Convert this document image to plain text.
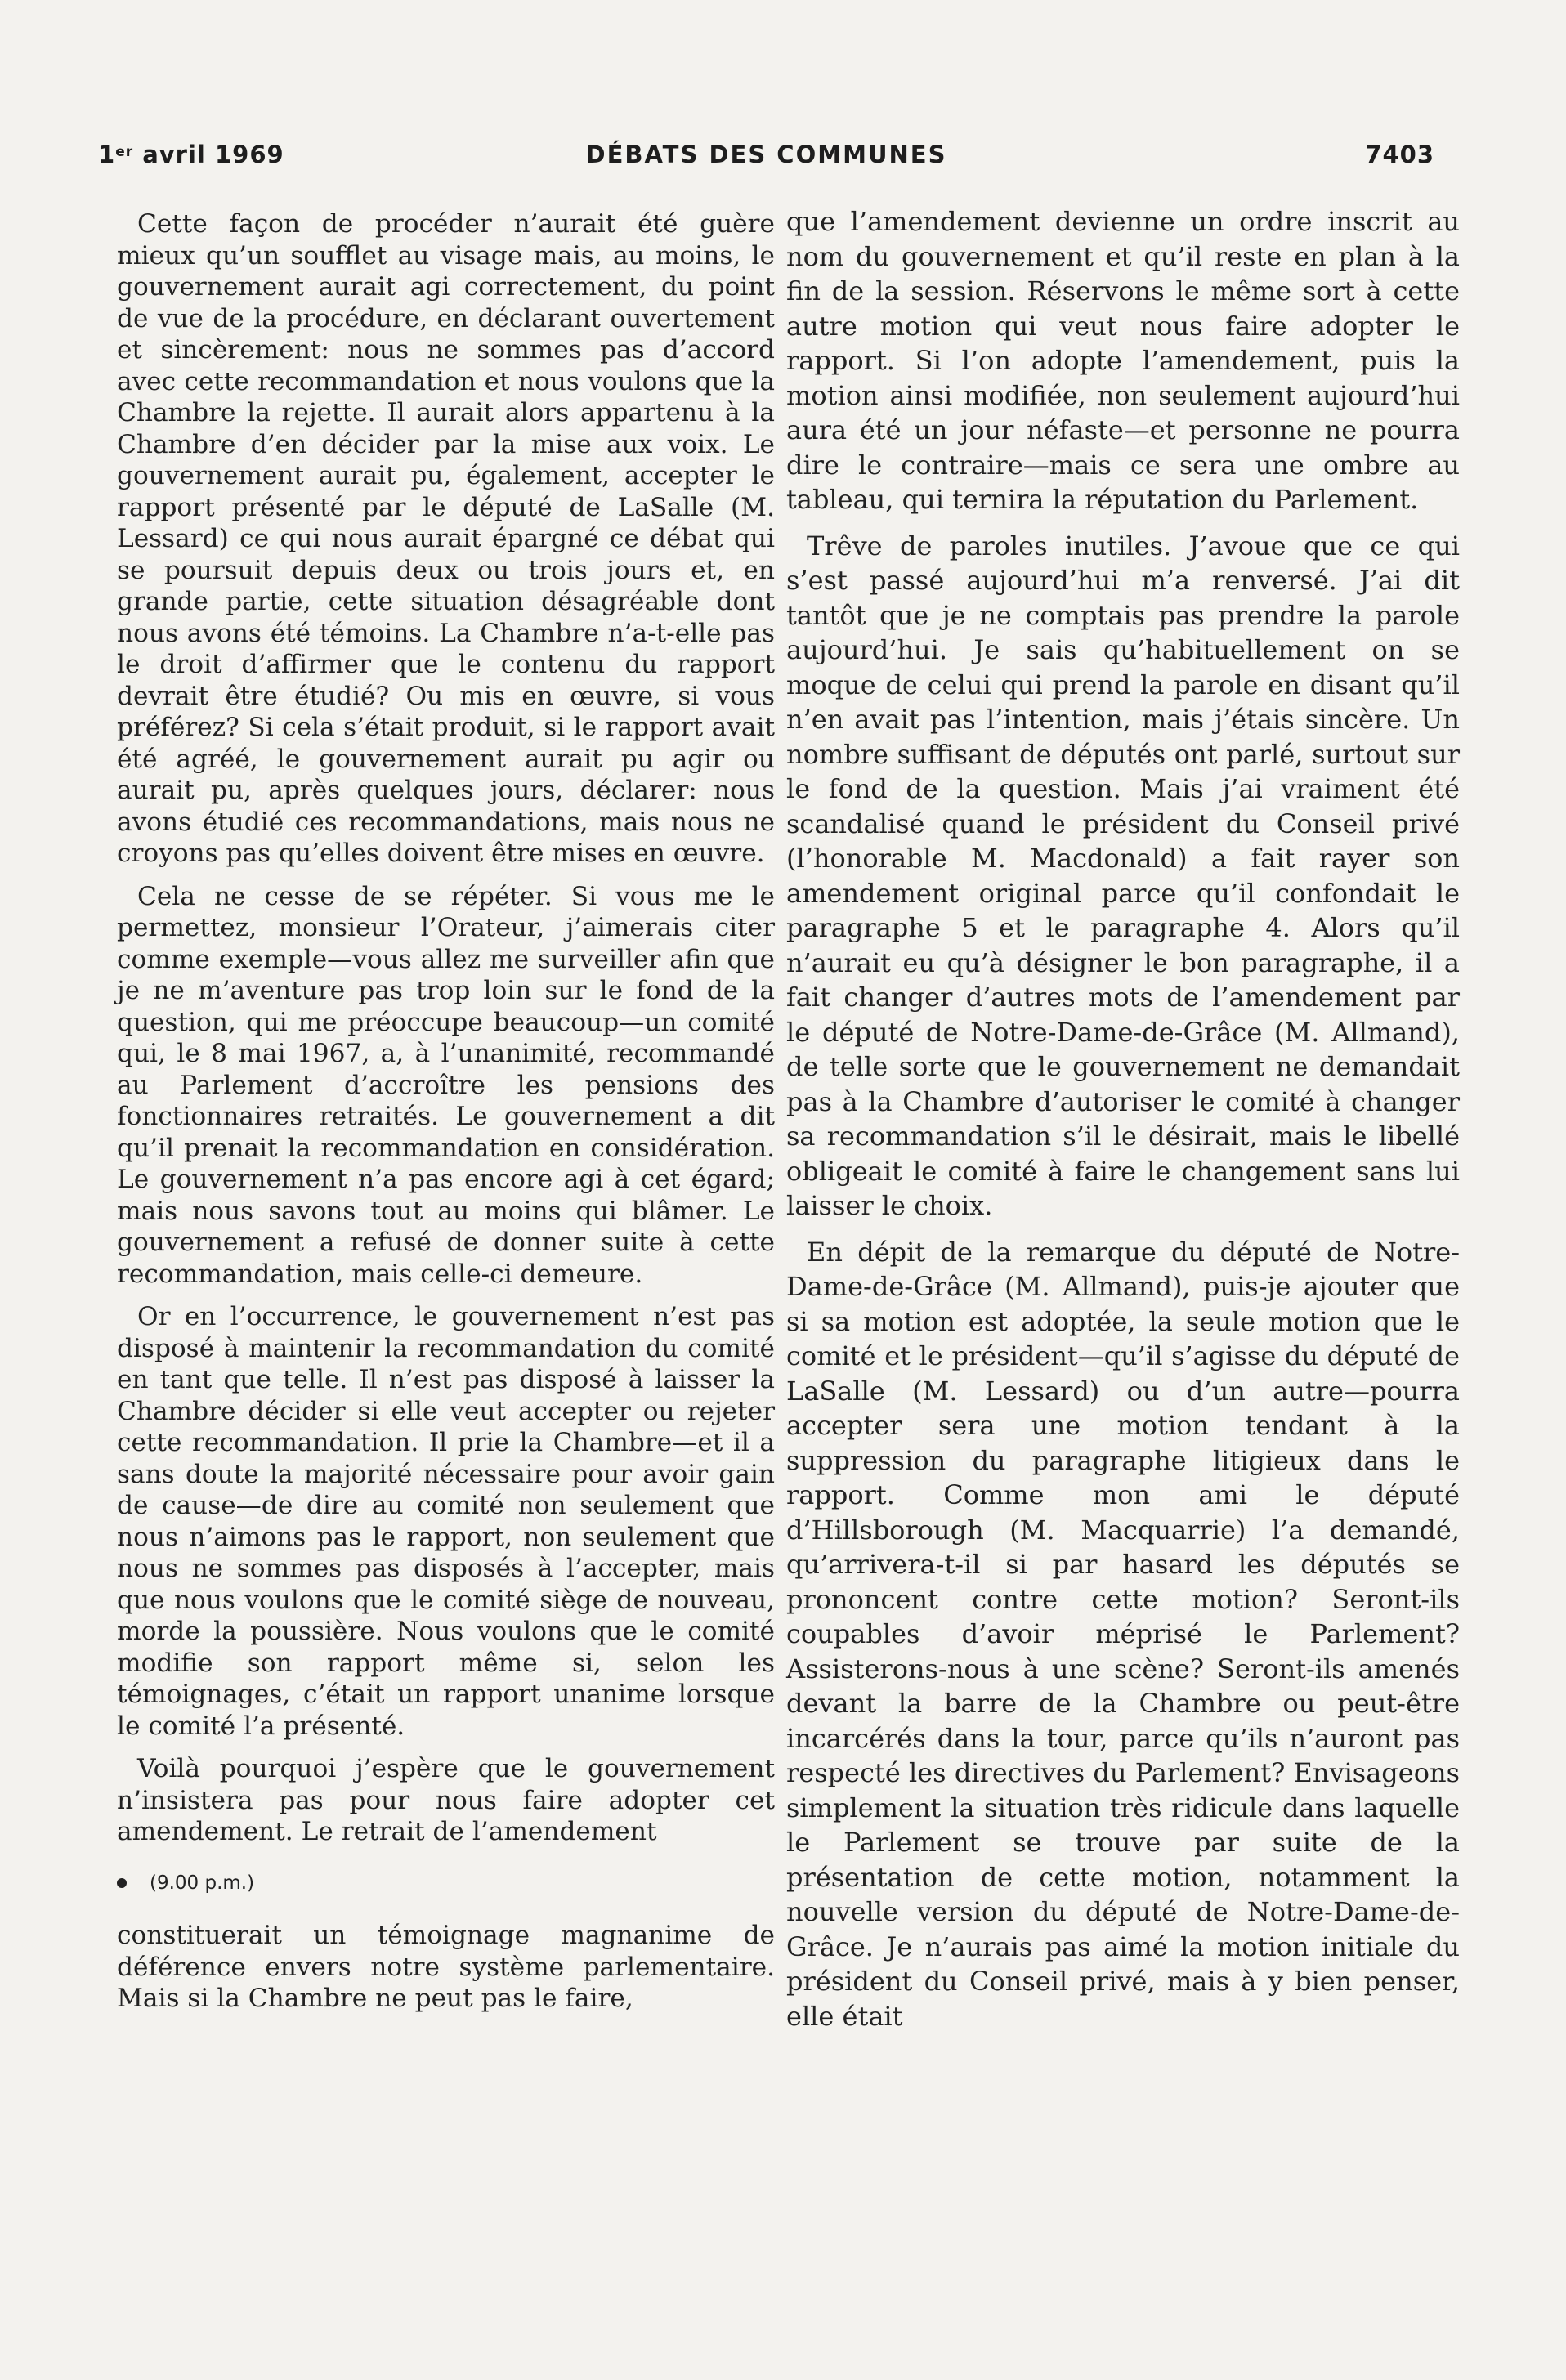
1er avril 1969	DÉBATS DES COMMUNES	7403

Cette façon de procéder n’aurait été guère mieux qu’un soufflet au visage mais, au moins, le gouvernement aurait agi correctement, du point de vue de la procédure, en déclarant ouvertement et sincèrement: nous ne sommes pas d’accord avec cette recommandation et nous voulons que la Chambre la rejette. Il aurait alors appartenu à la Chambre d’en décider par la mise aux voix. Le gouvernement aurait pu, également, accepter le rapport présenté par le député de LaSalle (M. Lessard) ce qui nous aurait épargné ce débat qui se poursuit depuis deux ou trois jours et, en grande partie, cette situation désagréable dont nous avons été témoins. La Chambre n’a-t-elle pas le droit d’affirmer que le contenu du rapport devrait être étudié? Ou mis en œuvre, si vous préférez? Si cela s’était produit, si le rapport avait été agréé, le gouvernement aurait pu agir ou aurait pu, après quelques jours, déclarer: nous avons étudié ces recommandations, mais nous ne croyons pas qu’elles doivent être mises en œuvre.

Cela ne cesse de se répéter. Si vous me le permettez, monsieur l’Orateur, j’aimerais citer comme exemple—vous allez me surveiller afin que je ne m’aventure pas trop loin sur le fond de la question, qui me préoccupe beaucoup—un comité qui, le 8 mai 1967, a, à l’unanimité, recommandé au Parlement d’accroître les pensions des fonctionnaires retraités. Le gouvernement a dit qu’il prenait la recommandation en considération. Le gouvernement n’a pas encore agi à cet égard; mais nous savons tout au moins qui blâmer. Le gouvernement a refusé de donner suite à cette recommandation, mais celle-ci demeure.

Or en l’occurrence, le gouvernement n’est pas disposé à maintenir la recommandation du comité en tant que telle. Il n’est pas disposé à laisser la Chambre décider si elle veut accepter ou rejeter cette recommandation. Il prie la Chambre—et il a sans doute la majorité nécessaire pour avoir gain de cause—de dire au comité non seulement que nous n’aimons pas le rapport, non seulement que nous ne sommes pas disposés à l’accepter, mais que nous voulons que le comité siège de nouveau, morde la poussière. Nous voulons que le comité modifie son rapport même si, selon les témoignages, c’était un rapport unanime lorsque le comité l’a présenté.

Voilà pourquoi j’espère que le gouvernement n’insistera pas pour nous faire adopter cet amendement. Le retrait de l’amendement

(9.00 p.m.)

constituerait un témoignage magnanime de déférence envers notre système parlementaire. Mais si la Chambre ne peut pas le faire,

que l’amendement devienne un ordre inscrit au nom du gouvernement et qu’il reste en plan à la fin de la session. Réservons le même sort à cette autre motion qui veut nous faire adopter le rapport. Si l’on adopte l’amendement, puis la motion ainsi modifiée, non seulement aujourd’hui aura été un jour néfaste—et personne ne pourra dire le contraire—mais ce sera une ombre au tableau, qui ternira la réputation du Parlement.

Trêve de paroles inutiles. J’avoue que ce qui s’est passé aujourd’hui m’a renversé. J’ai dit tantôt que je ne comptais pas prendre la parole aujourd’hui. Je sais qu’habituellement on se moque de celui qui prend la parole en disant qu’il n’en avait pas l’intention, mais j’étais sincère. Un nombre suffisant de députés ont parlé, surtout sur le fond de la question. Mais j’ai vraiment été scandalisé quand le président du Conseil privé (l’honorable M. Macdonald) a fait rayer son amendement original parce qu’il confondait le paragraphe 5 et le paragraphe 4. Alors qu’il n’aurait eu qu’à désigner le bon paragraphe, il a fait changer d’autres mots de l’amendement par le député de Notre-Dame-de-Grâce (M. Allmand), de telle sorte que le gouvernement ne demandait pas à la Chambre d’autoriser le comité à changer sa recommandation s’il le désirait, mais le libellé obligeait le comité à faire le changement sans lui laisser le choix.

En dépit de la remarque du député de Notre-Dame-de-Grâce (M. Allmand), puis-je ajouter que si sa motion est adoptée, la seule motion que le comité et le président—qu’il s’agisse du député de LaSalle (M. Lessard) ou d’un autre—pourra accepter sera une motion tendant à la suppression du paragraphe litigieux dans le rapport. Comme mon ami le député d’Hillsborough (M. Macquarrie) l’a demandé, qu’arrivera-t-il si par hasard les députés se prononcent contre cette motion? Seront-ils coupables d’avoir méprisé le Parlement? Assisterons-nous à une scène? Seront-ils amenés devant la barre de la Chambre ou peut-être incarcérés dans la tour, parce qu’ils n’auront pas respecté les directives du Parlement? Envisageons simplement la situation très ridicule dans laquelle le Parlement se trouve par suite de la présentation de cette motion, notamment la nouvelle version du député de Notre-Dame-de-Grâce. Je n’aurais pas aimé la motion initiale du président du Conseil privé, mais à y bien penser, elle était
